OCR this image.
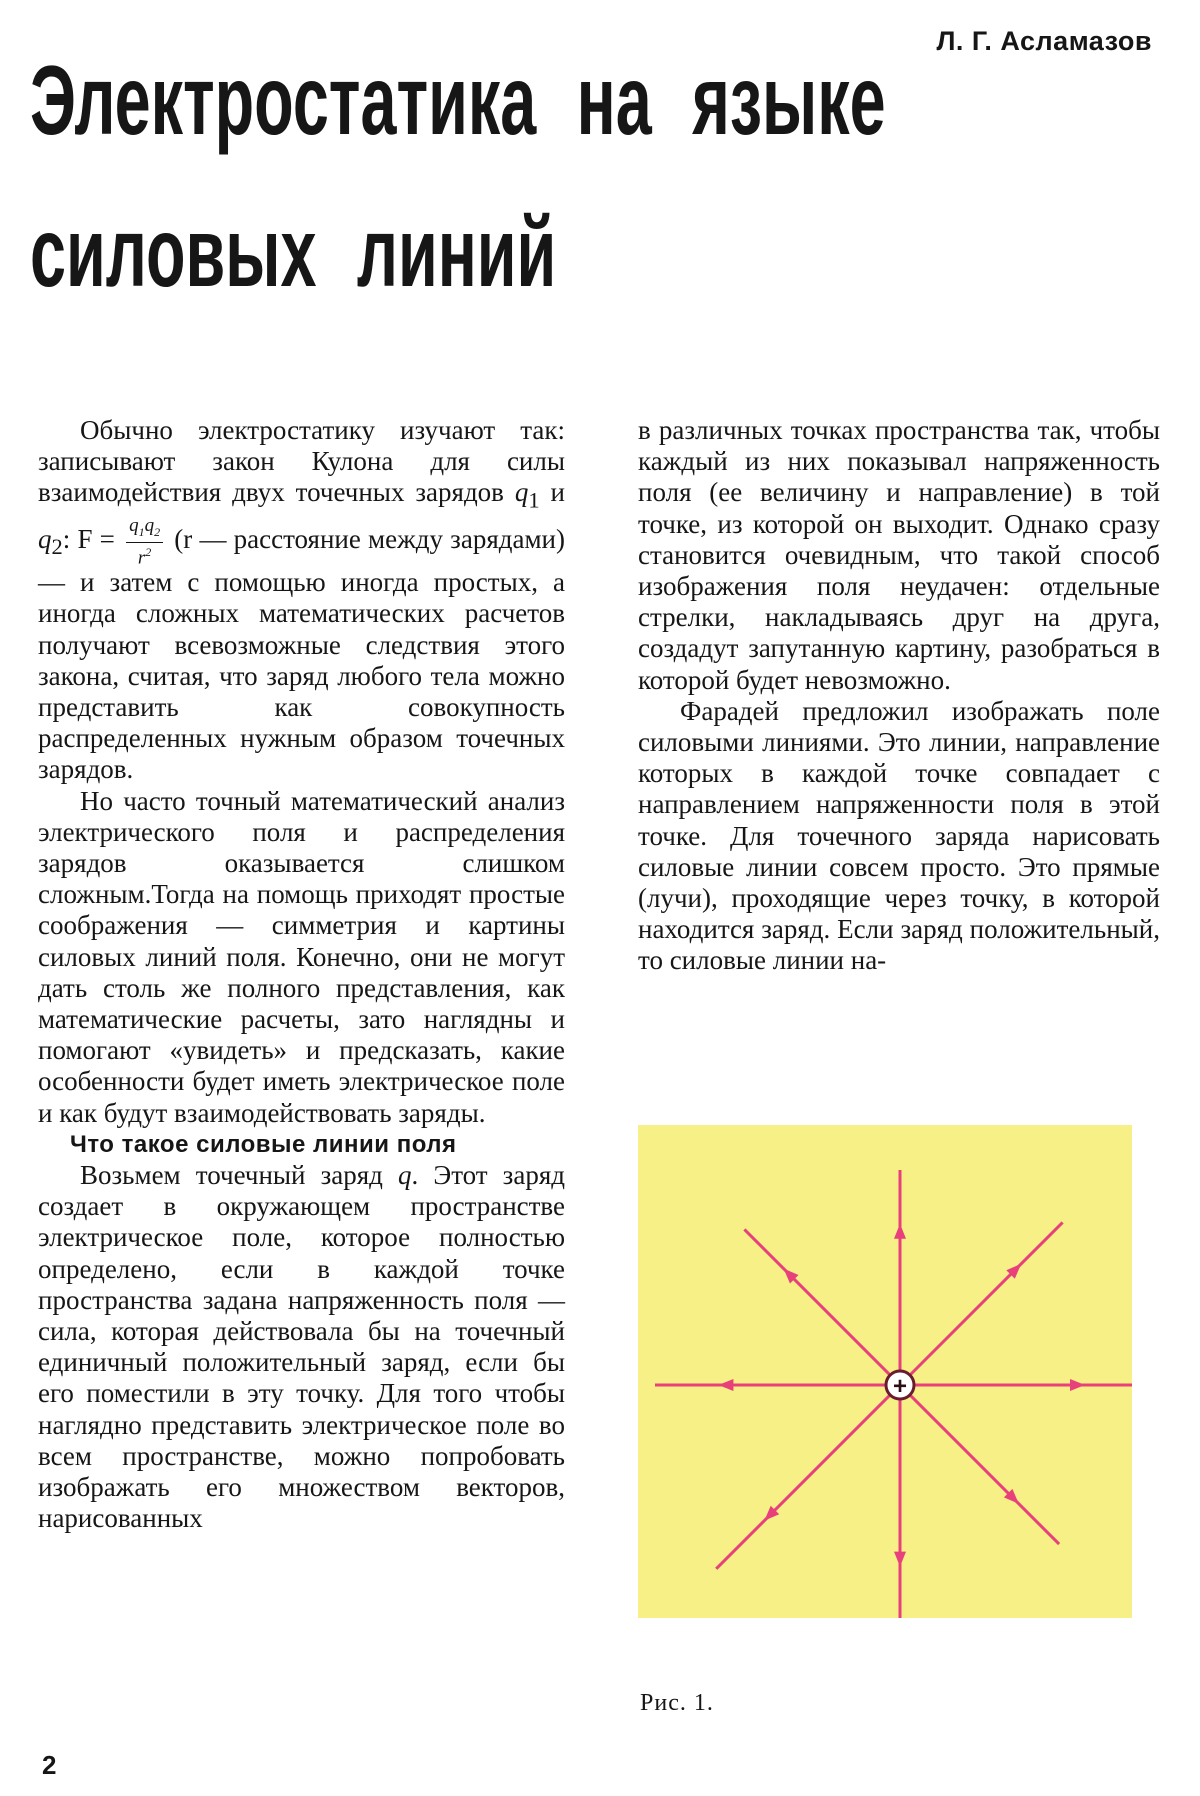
Л. Г. Асламазов
Электростатика на языке
силовых линий

Обычно электростатику изучают так: записывают закон Кулона для силы взаимодействия двух точечных зарядов $q_1$ и $q_2$: $F = \frac{q_1q_2}{r^2} (r$ — расстояние между зарядами) — и затем с помощью иногда простых, а иногда сложных математических расчетов получают всевозможные следствия этого закона, считая, что заряд любого тела можно представить как совокупность распределенных нужным образом точечных зарядов.

Но часто точный математический анализ электрического поля и распределения зарядов оказывается слишком сложным.Тогда на помощь приходят простые соображения — симметрия и картины силовых линий поля. Конечно, они не могут дать столь же полного представления, как математические расчеты, зато наглядны и помогают «увидеть» и предсказать, какие особенности будет иметь электрическое поле и как будут взаимодействовать заряды.

Что такое силовые линии поля

Возьмем точечный заряд q. Этот заряд создает в окружающем пространстве электрическое поле, которое полностью определено, если в каждой точке пространства задана напряженность поля — сила, которая действовала бы на точечный единичный положительный заряд, если бы его поместили в эту точку. Для того чтобы наглядно представить электрическое поле во всем пространстве, можно попробовать изображать его множеством векторов, нарисованных

в различных точках пространства так, чтобы каждый из них показывал напряженность поля (ее величину и направление) в той точке, из которой он выходит. Однако сразу становится очевидным, что такой способ изображения поля неудачен: отдельные стрелки, накладываясь друг на друга, создадут запутанную картину, разобраться в которой будет невозможно.

Фарадей предложил изображать поле силовыми линиями. Это линии, направление которых в каждой точке совпадает с направлением напряженности поля в этой точке. Для точечного заряда нарисовать силовые линии совсем просто. Это прямые (лучи), проходящие через точку, в которой находится заряд. Если заряд положительный, то силовые линии на-

+
Рис. 1.
2
